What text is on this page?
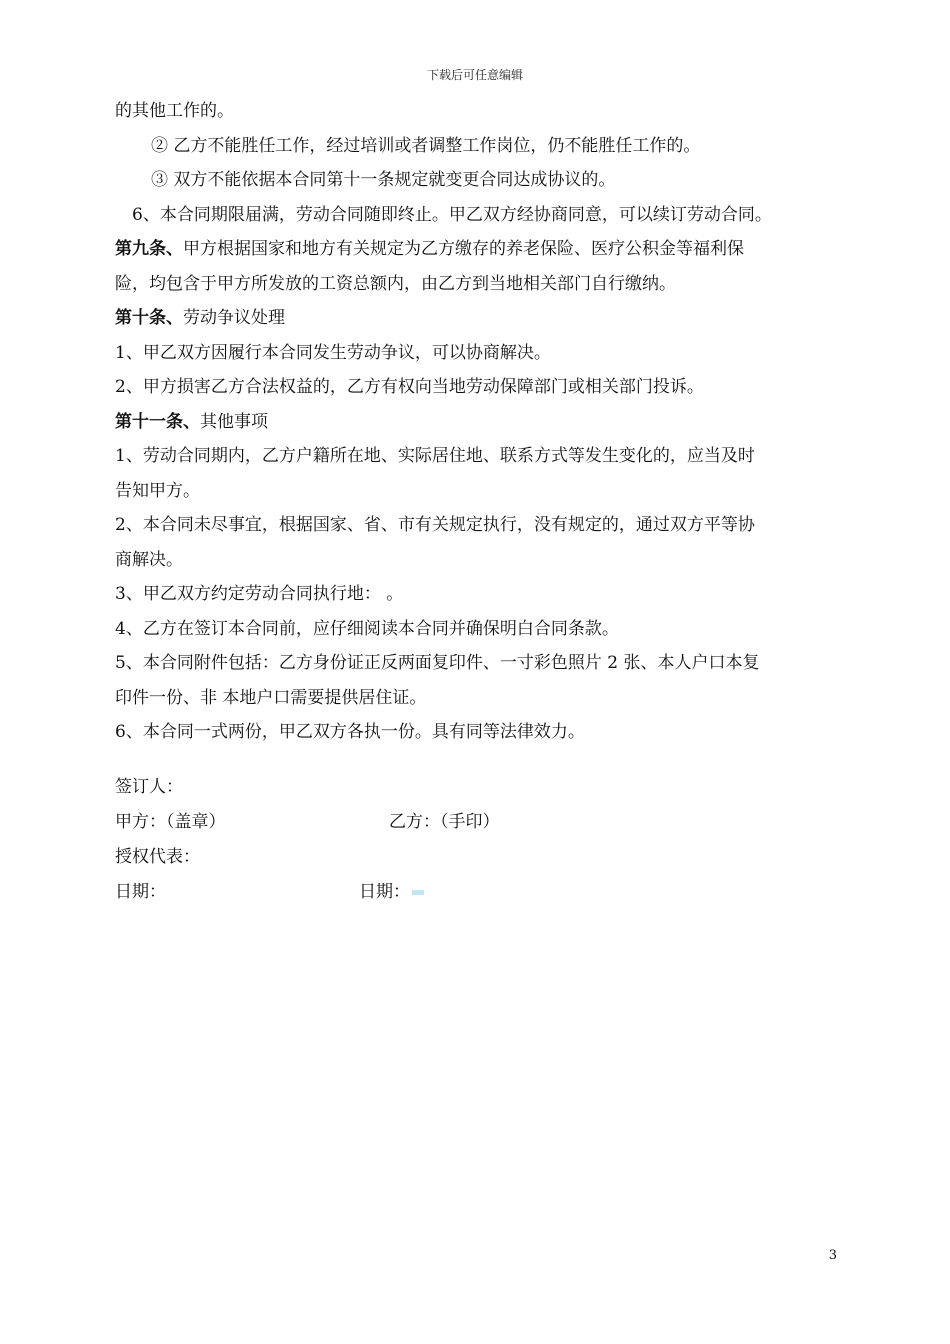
下载后可任意编辑
的其他工作的。
② 乙方不能胜任工作，经过培训或者调整工作岗位，仍不能胜任工作的。
③ 双方不能依据本合同第十一条规定就变更合同达成协议的。
6、本合同期限届满，劳动合同随即终止。甲乙双方经协商同意，可以续订劳动合同。
第九条、甲方根据国家和地方有关规定为乙方缴存的养老保险、医疗公积金等福利保
险，均包含于甲方所发放的工资总额内，由乙方到当地相关部门自行缴纳。
第十条、劳动争议处理
1、甲乙双方因履行本合同发生劳动争议，可以协商解决。
2、甲方损害乙方合法权益的，乙方有权向当地劳动保障部门或相关部门投诉。
第十一条、其他事项
1、劳动合同期内，乙方户籍所在地、实际居住地、联系方式等发生变化的，应当及时
告知甲方。
2、本合同未尽事宜，根据国家、省、市有关规定执行，没有规定的，通过双方平等协
商解决。
3、甲乙双方约定劳动合同执行地： 。
4、乙方在签订本合同前，应仔细阅读本合同并确保明白合同条款。
5、本合同附件包括：乙方身份证正反两面复印件、一寸彩色照片 2 张、本人户口本复
印件一份、非 本地户口需要提供居住证。
6、本合同一式两份，甲乙双方各执一份。具有同等法律效力。
签订人：
甲方：（盖章）	乙方：（手印）
授权代表：
日期：	日期：
3
